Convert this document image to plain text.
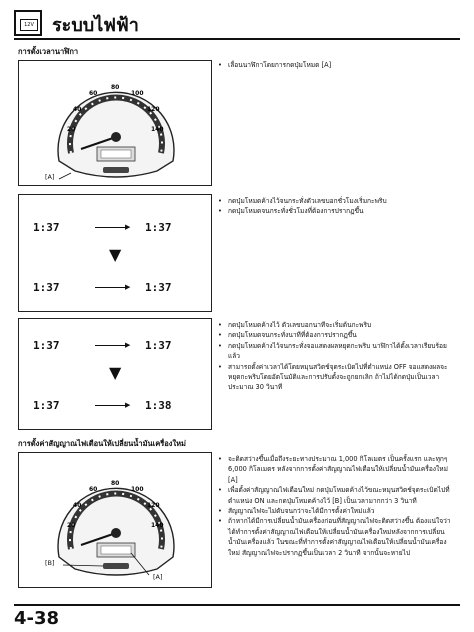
12V ระบบไฟฟ้า
การตั้งเวลานาฬิกา
20
40
60
80
100
120
140
[A]
• เลื่อนนาฬิกาโดยการกดปุ่มโหมด [A]
1:37	▶ 1:37
▼
1:37	▶ 1:37
• กดปุ่มโหมดค้างไว้จนกระทั่งตัวเลขบอกชั่วโมงเริ่มกะพริบ
• กดปุ่มโหมดจนกระทั่งชั่วโมงที่ต้องการปรากฏขึ้น
1:37	▶ 1:37
▼
1:37	▶ 1:38
• กดปุ่มโหมดค้างไว้ ตัวเลขบอกนาทีจะเริ่มต้นกะพริบ
• กดปุ่มโหมดจนกระทั่งนาทีที่ต้องการปรากฏขึ้น
• กดปุ่มโหมดค้างไว้จนกระทั่งจอแสดงผลหยุดกะพริบ นาฬิกาได้ตั้งเวลาเรียบร้อยแล้ว
• สามารถตั้งค่าเวลาได้โดยหมุนสวิตช์จุดระเบิดไปที่ตำแหน่ง OFF จอแสดงผลจะหยุดกะพริบโดยอัตโนมัติและการปรับตั้งจะถูกยกเลิก ถ้าไม่ได้กดปุ่มเป็นเวลาประมาณ 30 วินาที
การตั้งค่าสัญญาณไฟเตือนให้เปลี่ยนน้ำมันเครื่องใหม่
20
40
60
80
100
120
140
[B]
[A]
• จะติดสว่างขึ้นเมื่อถึงระยะทางประมาณ 1,000 กิโลเมตร เป็นครั้งแรก และทุกๆ 6,000 กิโลเมตร หลังจากการตั้งค่าสัญญาณไฟเตือนให้เปลี่ยนน้ำมันเครื่องใหม่ [A]
• เพื่อตั้งค่าสัญญาณไฟเตือนใหม่ กดปุ่มโหมดค้างไว้ขณะหมุนสวิตช์จุดระเบิดไปที่ตำแหน่ง ON และกดปุ่มโหมดค้างไว้ [B] เป็นเวลามากกว่า 3 วินาที
• สัญญาณไฟจะไม่ดับจนกว่าจะได้มีการตั้งค่าใหม่แล้ว
• ถ้าหากได้มีการเปลี่ยนน้ำมันเครื่องก่อนที่สัญญาณไฟจะติดสว่างขึ้น ต้องแน่ใจว่าได้ทำการตั้งค่าสัญญาณไฟเตือนให้เปลี่ยนน้ำมันเครื่องใหม่หลังจากการเปลี่ยนน้ำมันเครื่องแล้ว ในขณะที่ทำการตั้งค่าสัญญาณไฟเตือนให้เปลี่ยนน้ำมันเครื่องใหม่ สัญญาณไฟจะปรากฏขึ้นเป็นเวลา 2 วินาที จากนั้นจะหายไป
4-38
